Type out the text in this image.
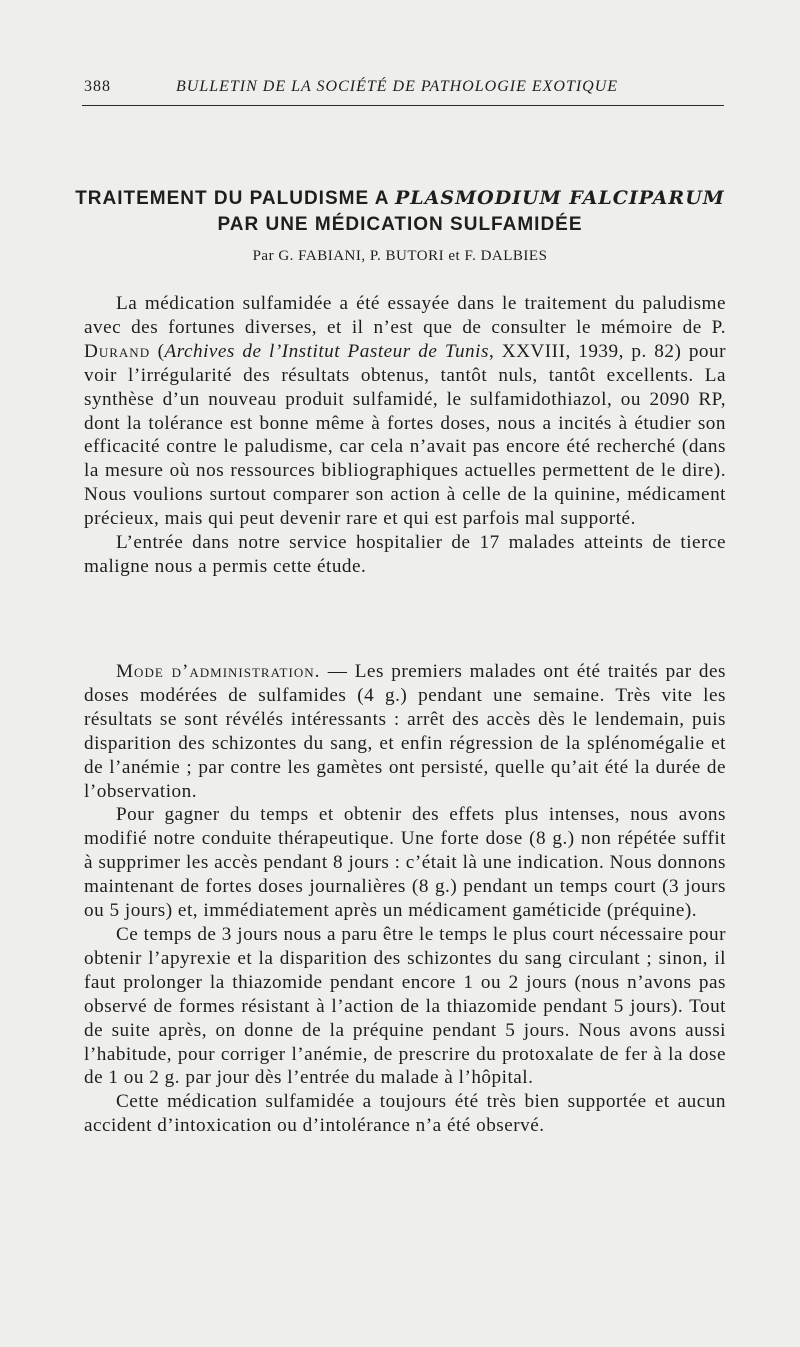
388	BULLETIN DE LA SOCIÉTÉ DE PATHOLOGIE EXOTIQUE
TRAITEMENT DU PALUDISME A PLASMODIUM FALCIPARUM
PAR UNE MÉDICATION SULFAMIDÉE
Par G. FABIANI, P. BUTORI et F. DALBIES

La médication sulfamidée a été essayée dans le traitement du paludisme avec des fortunes diverses, et il n’est que de consulter le mémoire de P. Durand (Archives de l’Institut Pasteur de Tunis, XXVIII, 1939, p. 82) pour voir l’irrégularité des résultats obtenus, tantôt nuls, tantôt excellents. La synthèse d’un nouveau produit sulfamidé, le sulfamidothiazol, ou 2090 RP, dont la tolérance est bonne même à fortes doses, nous a incités à étudier son efficacité contre le paludisme, car cela n’avait pas encore été recherché (dans la mesure où nos ressources bibliographiques actuelles permettent de le dire). Nous voulions surtout comparer son action à celle de la quinine, médicament précieux, mais qui peut devenir rare et qui est parfois mal supporté.

L’entrée dans notre service hospitalier de 17 malades atteints de tierce maligne nous a permis cette étude.

Mode d’administration. — Les premiers malades ont été traités par des doses modérées de sulfamides (4 g.) pendant une semaine. Très vite les résultats se sont révélés intéressants : arrêt des accès dès le lendemain, puis disparition des schizontes du sang, et enfin régression de la splénomégalie et de l’anémie ; par contre les gamètes ont persisté, quelle qu’ait été la durée de l’observation.

Pour gagner du temps et obtenir des effets plus intenses, nous avons modifié notre conduite thérapeutique. Une forte dose (8 g.) non répétée suffit à supprimer les accès pendant 8 jours : c’était là une indication. Nous donnons maintenant de fortes doses journalières (8 g.) pendant un temps court (3 jours ou 5 jours) et, immédiatement après un médicament gaméticide (préquine).

Ce temps de 3 jours nous a paru être le temps le plus court nécessaire pour obtenir l’apyrexie et la disparition des schizontes du sang circulant ; sinon, il faut prolonger la thiazomide pendant encore 1 ou 2 jours (nous n’avons pas observé de formes résistant à l’action de la thiazomide pendant 5 jours). Tout de suite après, on donne de la préquine pendant 5 jours. Nous avons aussi l’habitude, pour corriger l’anémie, de prescrire du protoxalate de fer à la dose de 1 ou 2 g. par jour dès l’entrée du malade à l’hôpital.

Cette médication sulfamidée a toujours été très bien supportée et aucun accident d’intoxication ou d’intolérance n’a été observé.
